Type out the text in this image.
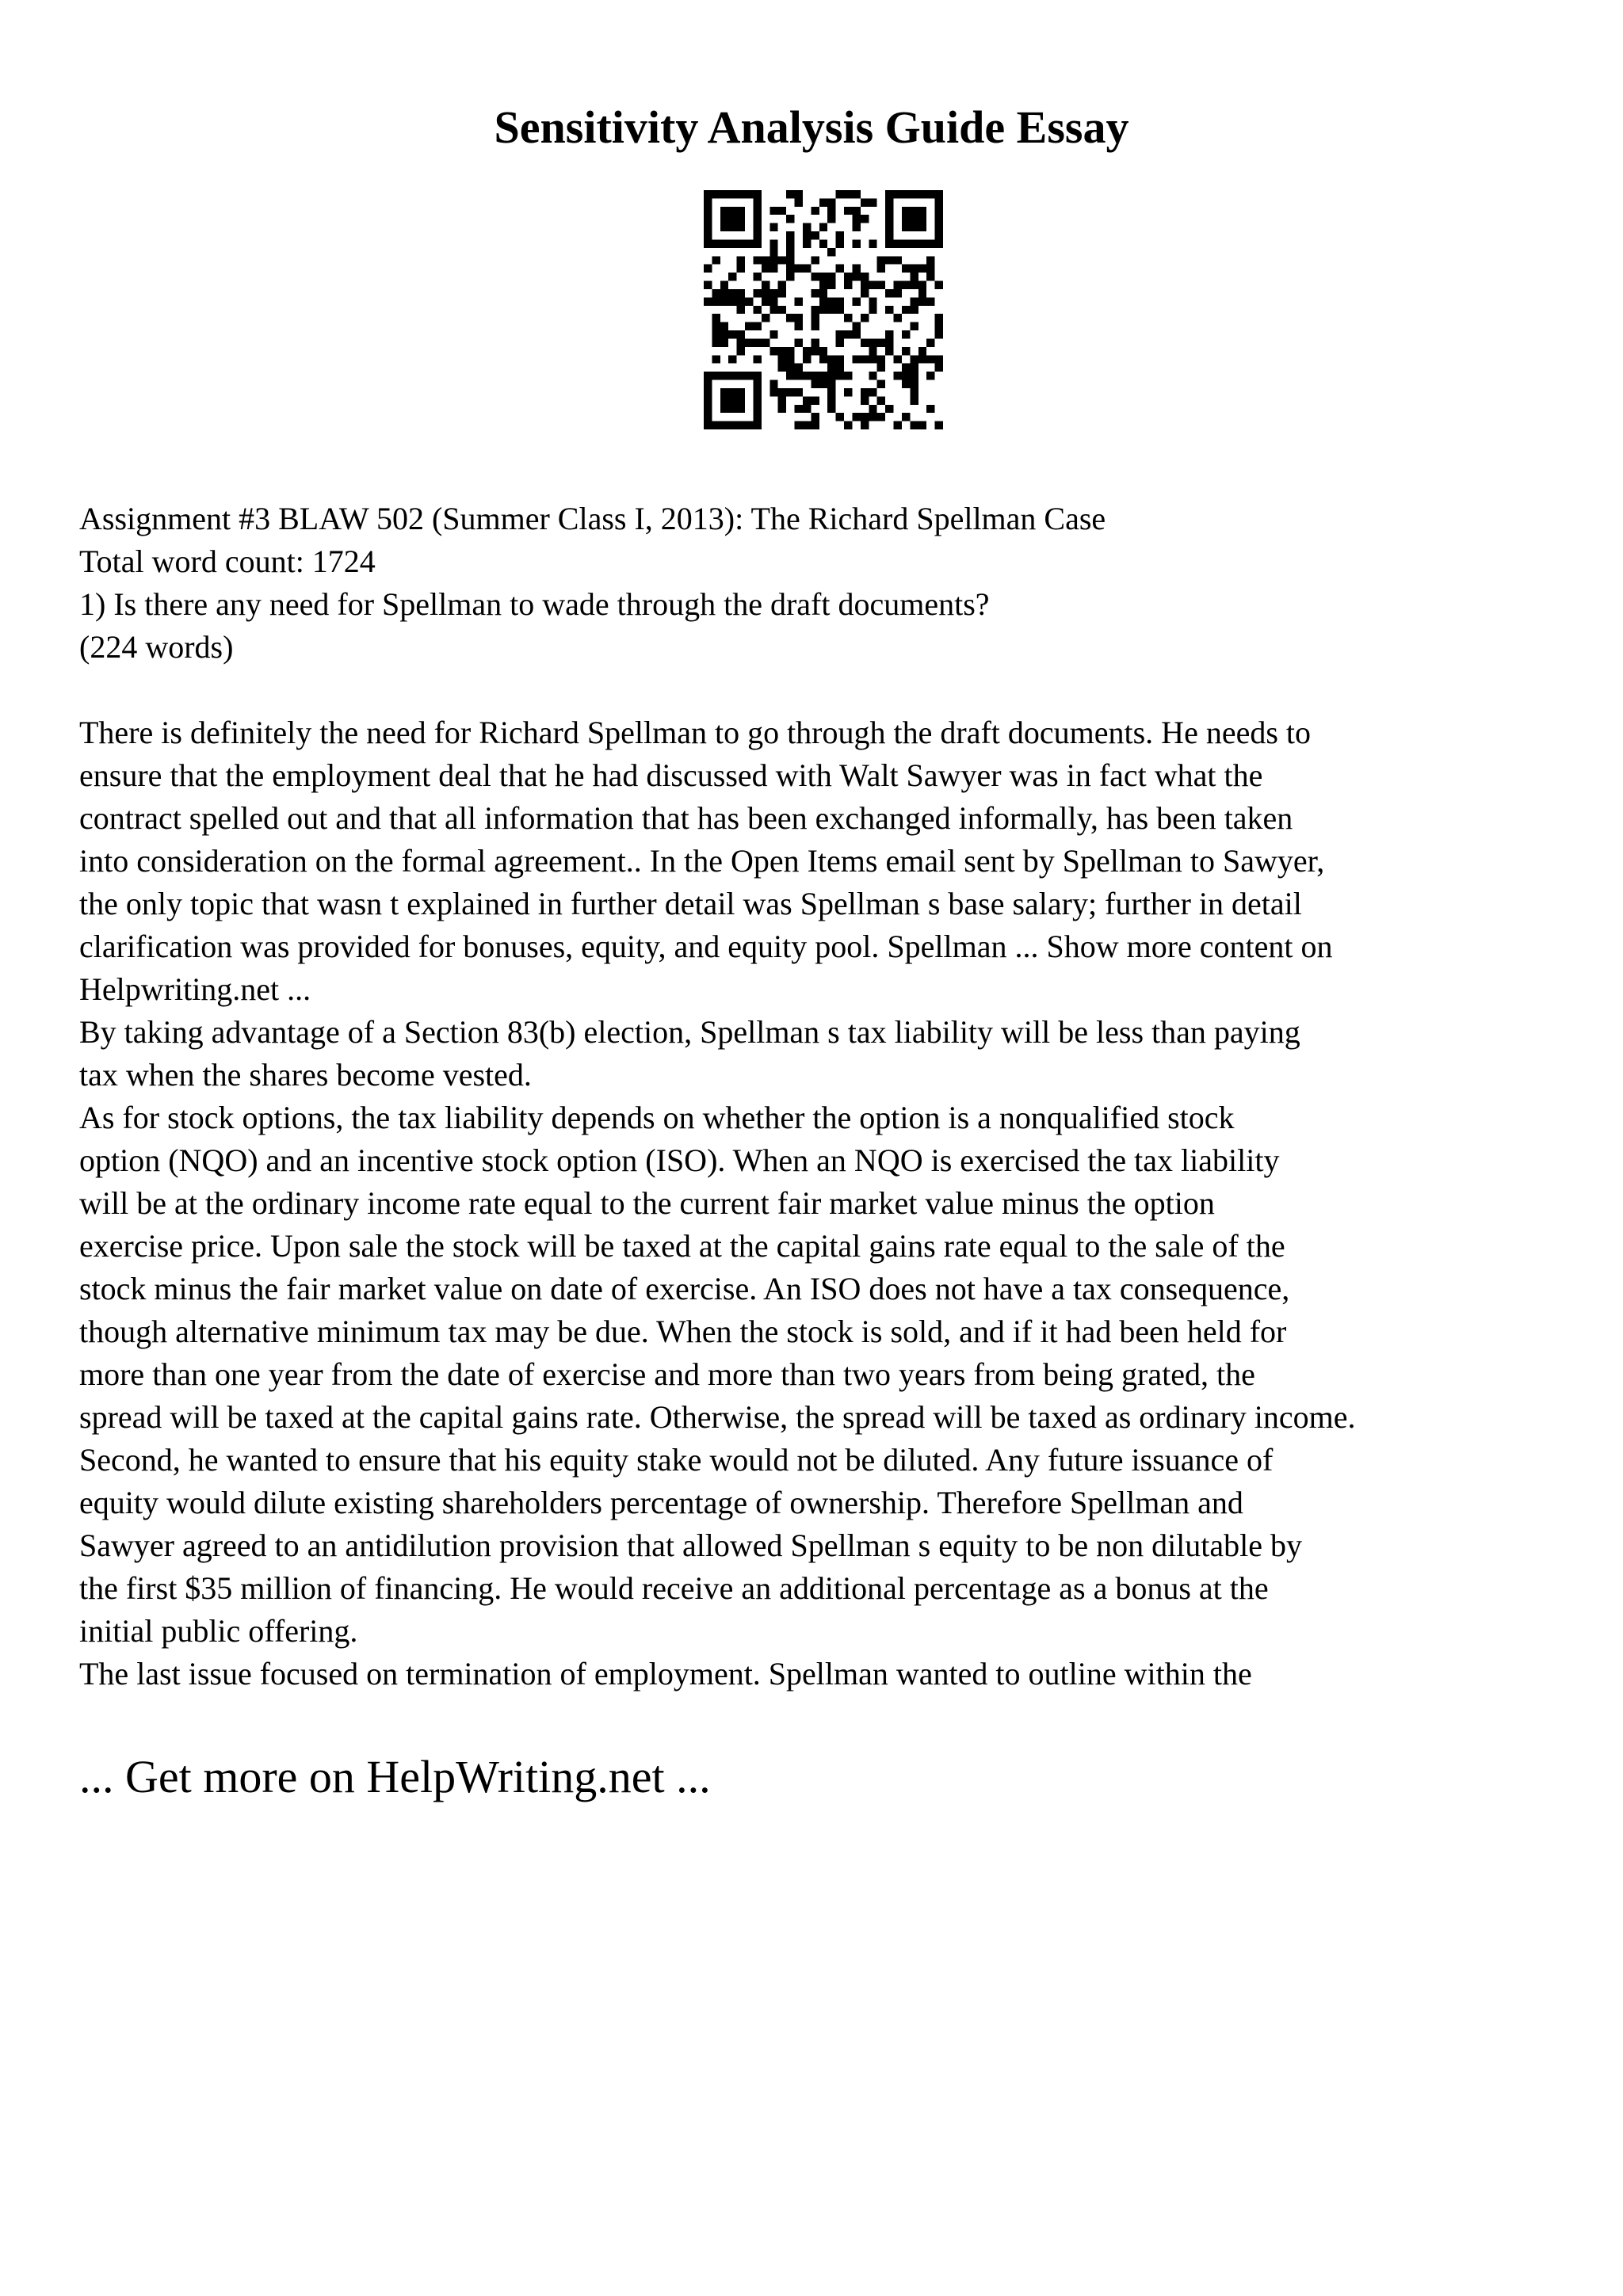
Sensitivity Analysis Guide Essay
Assignment #3 BLAW 502 (Summer Class I, 2013): The Richard Spellman Case
Total word count: 1724
1) Is there any need for Spellman to wade through the draft documents?
(224 words)
There is definitely the need for Richard Spellman to go through the draft documents. He needs to
ensure that the employment deal that he had discussed with Walt Sawyer was in fact what the
contract spelled out and that all information that has been exchanged informally, has been taken
into consideration on the formal agreement.. In the Open Items email sent by Spellman to Sawyer,
the only topic that wasn t explained in further detail was Spellman s base salary; further in detail
clarification was provided for bonuses, equity, and equity pool. Spellman ... Show more content on
Helpwriting.net ...
By taking advantage of a Section 83(b) election, Spellman s tax liability will be less than paying
tax when the shares become vested.
As for stock options, the tax liability depends on whether the option is a nonqualified stock
option (NQO) and an incentive stock option (ISO). When an NQO is exercised the tax liability
will be at the ordinary income rate equal to the current fair market value minus the option
exercise price. Upon sale the stock will be taxed at the capital gains rate equal to the sale of the
stock minus the fair market value on date of exercise. An ISO does not have a tax consequence,
though alternative minimum tax may be due. When the stock is sold, and if it had been held for
more than one year from the date of exercise and more than two years from being grated, the
spread will be taxed at the capital gains rate. Otherwise, the spread will be taxed as ordinary income.
Second, he wanted to ensure that his equity stake would not be diluted. Any future issuance of
equity would dilute existing shareholders percentage of ownership. Therefore Spellman and
Sawyer agreed to an antidilution provision that allowed Spellman s equity to be non dilutable by
the first $35 million of financing. He would receive an additional percentage as a bonus at the
initial public offering.
The last issue focused on termination of employment. Spellman wanted to outline within the
... Get more on HelpWriting.net ...
